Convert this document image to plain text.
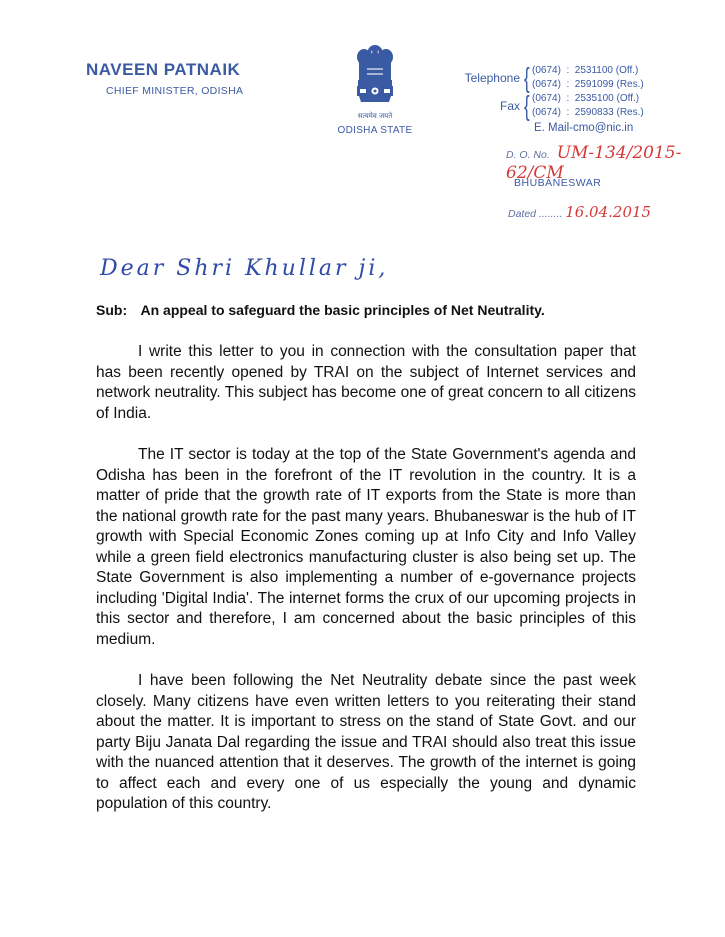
NAVEEN PATNAIK
CHIEF MINISTER, ODISHA
सत्यमेव जयते
ODISHA STATE
Telephone { (0674)  :  2531100 (Off.)
(0674)  :  2591099 (Res.)
Fax { (0674)  :  2535100 (Off.)
(0674)  :  2590833 (Res.)
E. Mail-cmo@nic.in
D. O. No. UM-134/2015-62/CM
BHUBANESWAR
Dated ........ 16.04.2015
Dear Shri Khullar ji,
Sub: An appeal to safeguard the basic principles of Net Neutrality.

I write this letter to you in connection with the consultation paper that has been recently opened by TRAI on the subject of Internet services and network neutrality. This subject has become one of great concern to all citizens of India.

The IT sector is today at the top of the State Government's agenda and Odisha has been in the forefront of the IT revolution in the country. It is a matter of pride that the growth rate of IT exports from the State is more than the national growth rate for the past many years. Bhubaneswar is the hub of IT growth with Special Economic Zones coming up at Info City and Info Valley while a green field electronics manufacturing cluster is also being set up. The State Government is also implementing a number of e-governance projects including 'Digital India'. The internet forms the crux of our upcoming projects in this sector and therefore, I am concerned about the basic principles of this medium.

I have been following the Net Neutrality debate since the past week closely. Many citizens have even written letters to you reiterating their stand about the matter. It is important to stress on the stand of State Govt. and our party Biju Janata Dal regarding the issue and TRAI should also treat this issue with the nuanced attention that it deserves. The growth of the internet is going to affect each and every one of us especially the young and dynamic population of this country.
